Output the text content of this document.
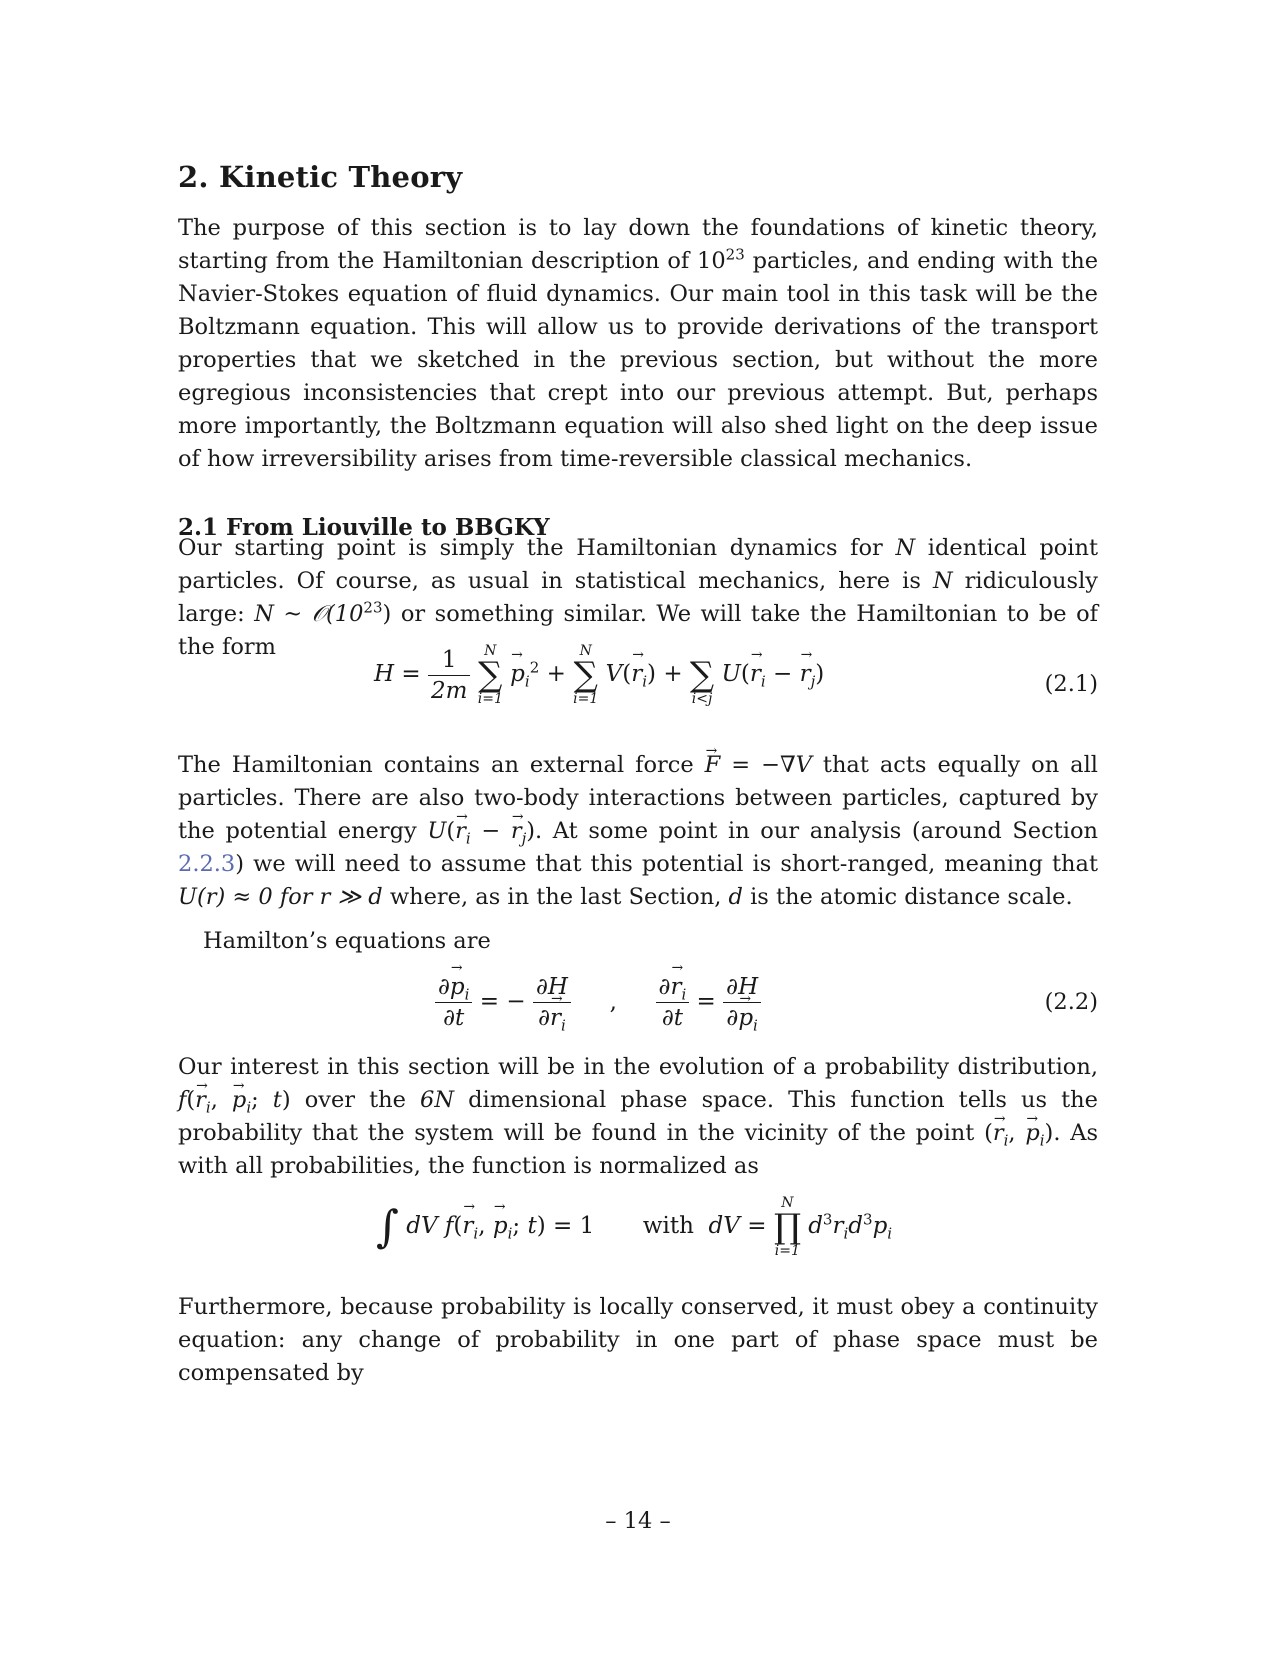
2. Kinetic Theory

The purpose of this section is to lay down the foundations of kinetic theory, starting from the Hamiltonian description of $10^{23}$ particles, and ending with the Navier-Stokes equation of fluid dynamics. Our main tool in this task will be the Boltzmann equation. This will allow us to provide derivations of the transport properties that we sketched in the previous section, but without the more egregious inconsistencies that crept into our previous attempt. But, perhaps more importantly, the Boltzmann equation will also shed light on the deep issue of how irreversibility arises from time-reversible classical mechanics.

2.1 From Liouville to BBGKY

Our starting point is simply the Hamiltonian dynamics for N identical point particles. Of course, as usual in statistical mechanics, here is N ridiculously large: N ~ $𝒪(10^{23})$ or something similar. We will take the Hamiltonian to be of the form

$H = \frac{1}{2m}$
N
∑
i=1
→ $p_i^2$ +
N
∑
i=1
$V(\to r_i)$ +
∑
i<j
$U(\to r_i$ − → $r_j$)	(2.1)

The Hamiltonian contains an external force → F = −∇V that acts equally on all particles. There are also two-body interactions between particles, captured by the potential energy $U(\to r_i$ − → $r_j$). At some point in our analysis (around Section 2.2.3) we will need to assume that this potential is short-ranged, meaning that U(r) ≈ 0 for r ≫ d where, as in the last Section, d is the atomic distance scale.

Hamilton’s equations are

$\frac{\partial\to p_i}{\partial t}$ = − $\frac{\partial H}{\partial\to r_i}$ , $\frac{\partial\to r_i}{\partial t} = \frac{\partial H}{\partial\to p_i}$	(2.2)

Our interest in this section will be in the evolution of a probability distribution, $f(\to r_i$, → $p_i$; t) over the 6N dimensional phase space. This function tells us the probability that the system will be found in the vicinity of the point (→ $r_i$, → $p_i$). As with all probabilities, the function is normalized as

∫ dV $f(\to r_i$, → $p_i$; t) = 1  with  dV =
N
∏
i=1
$d^3r_id^3p_i$

Furthermore, because probability is locally conserved, it must obey a continuity equation: any change of probability in one part of phase space must be compensated by

– 14 –
